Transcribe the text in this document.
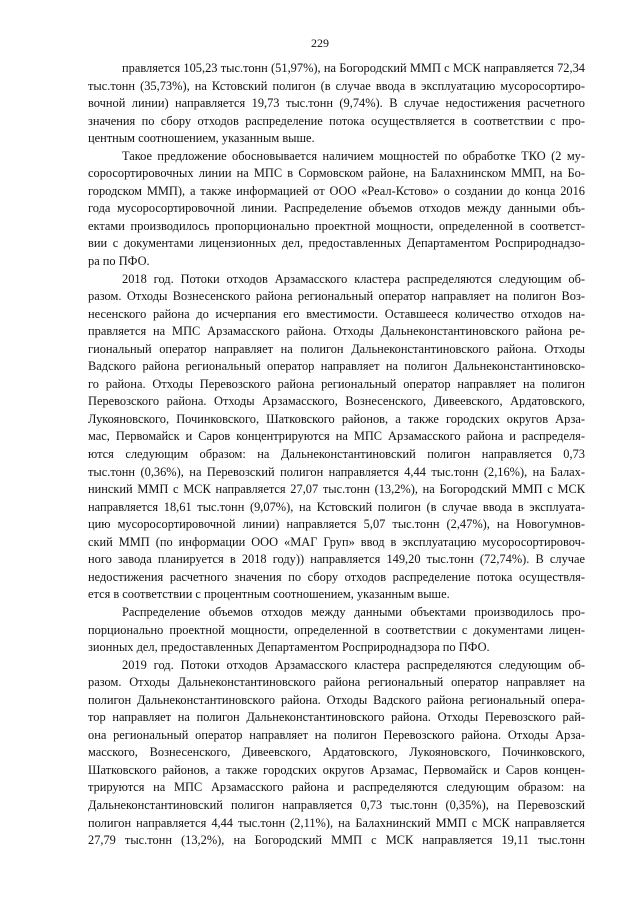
229
правляется 105,23 тыс.тонн (51,97%), на Богородский ММП с МСК направляется 72,34
тыс.тонн (35,73%), на Кстовский полигон (в случае ввода в эксплуатацию мусоросортиро-
вочной линии) направляется 19,73 тыс.тонн (9,74%). В случае недостижения расчетного
значения по сбору отходов распределение потока осуществляется в соответствии с про-
центным соотношением, указанным выше.
Такое предложение обосновывается наличием мощностей по обработке ТКО (2 му-
соросортировочных линии на МПС в Сормовском районе, на Балахнинском ММП, на Бо-
городском ММП), а также информацией от ООО «Реал-Кстово» о создании до конца 2016
года мусоросортировочной линии. Распределение объемов отходов между данными объ-
ектами производилось пропорционально проектной мощности, определенной в соответст-
вии с документами лицензионных дел, предоставленных Департаментом Росприроднадзо-
ра по ПФО.
2018 год. Потоки отходов Арзамасского кластера распределяются следующим об-
разом. Отходы Вознесенского района региональный оператор направляет на полигон Воз-
несенского района до исчерпания его вместимости. Оставшееся количество отходов на-
правляется на МПС Арзамасского района. Отходы Дальнеконстантиновского района ре-
гиональный оператор направляет на полигон Дальнеконстантиновского района. Отходы
Вадского района региональный оператор направляет на полигон Дальнеконстантиновско-
го района. Отходы Перевозского района региональный оператор направляет на полигон
Перевозского района. Отходы Арзамасского, Вознесенского, Дивеевского, Ардатовского,
Лукояновского, Починковского, Шатковского районов, а также городских округов Арза-
мас, Первомайск и Саров концентрируются на МПС Арзамасского района и распределя-
ются следующим образом: на Дальнеконстантиновский полигон направляется 0,73
тыс.тонн (0,36%), на Перевозский полигон направляется 4,44 тыс.тонн (2,16%), на Балах-
нинский ММП с МСК направляется 27,07 тыс.тонн (13,2%), на Богородский ММП с МСК
направляется 18,61 тыс.тонн (9,07%), на Кстовский полигон (в случае ввода в эксплуата-
цию мусоросортировочной линии) направляется 5,07 тыс.тонн (2,47%), на Новогумнов-
ский ММП (по информации ООО «МАГ Груп» ввод в эксплуатацию мусоросортировоч-
ного завода планируется в 2018 году)) направляется 149,20 тыс.тонн (72,74%). В случае
недостижения расчетного значения по сбору отходов распределение потока осуществля-
ется в соответствии с процентным соотношением, указанным выше.
Распределение объемов отходов между данными объектами производилось про-
порционально проектной мощности, определенной в соответствии с документами лицен-
зионных дел, предоставленных Департаментом Росприроднадзора по ПФО.
2019 год. Потоки отходов Арзамасского кластера распределяются следующим об-
разом. Отходы Дальнеконстантиновского района региональный оператор направляет на
полигон Дальнеконстантиновского района. Отходы Вадского района региональный опера-
тор направляет на полигон Дальнеконстантиновского района. Отходы Перевозского рай-
она региональный оператор направляет на полигон Перевозского района. Отходы Арза-
масского, Вознесенского, Дивеевского, Ардатовского, Лукояновского, Починковского,
Шатковского районов, а также городских округов Арзамас, Первомайск и Саров концен-
трируются на МПС Арзамасского района и распределяются следующим образом: на
Дальнеконстантиновский полигон направляется 0,73 тыс.тонн (0,35%), на Перевозский
полигон направляется 4,44 тыс.тонн (2,11%), на Балахнинский ММП с МСК направляется
27,79 тыс.тонн (13,2%), на Богородский ММП с МСК направляется 19,11 тыс.тонн
